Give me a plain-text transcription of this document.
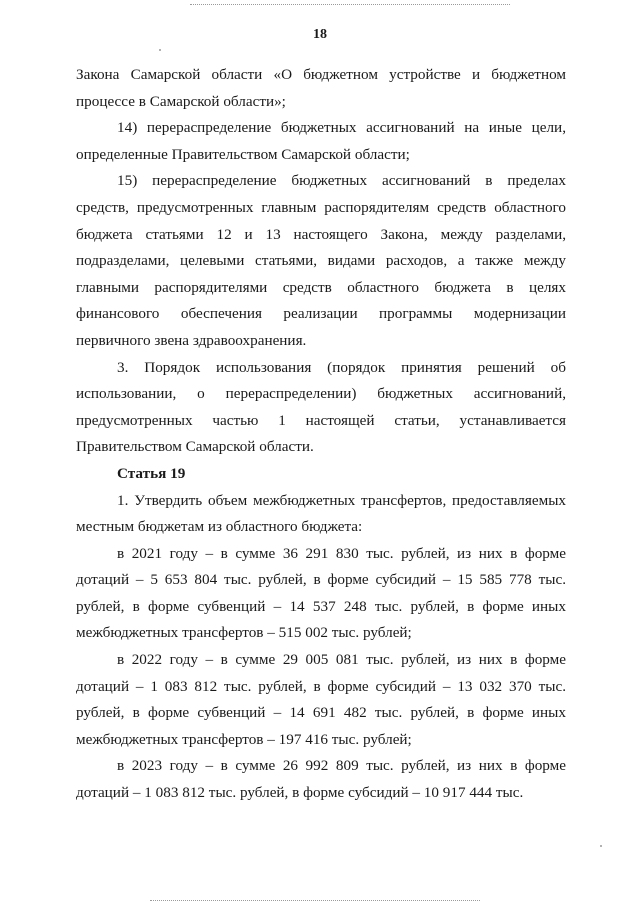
18

Закона Самарской области «О бюджетном устройстве и бюджетном процессе в Самарской области»;

14) перераспределение бюджетных ассигнований на иные цели, определенные Правительством Самарской области;

15) перераспределение бюджетных ассигнований в пределах средств, предусмотренных главным распорядителям средств областного бюджета статьями 12 и 13 настоящего Закона, между разделами, подразделами, целевыми статьями, видами расходов, а также между главными распорядителями средств областного бюджета в целях финансового обеспечения реализации программы модернизации первичного звена здравоохранения.

3. Порядок использования (порядок принятия решений об использовании, о перераспределении) бюджетных ассигнований, предусмотренных частью 1 настоящей статьи, устанавливается Правительством Самарской области.

Статья 19

1. Утвердить объем межбюджетных трансфертов, предоставляемых местным бюджетам из областного бюджета:

в 2021 году – в сумме 36 291 830 тыс. рублей, из них в форме дотаций – 5 653 804 тыс. рублей, в форме субсидий – 15 585 778 тыс. рублей, в форме субвенций – 14 537 248 тыс. рублей, в форме иных межбюджетных трансфертов – 515 002 тыс. рублей;

в 2022 году – в сумме 29 005 081 тыс. рублей, из них в форме дотаций – 1 083 812 тыс. рублей, в форме субсидий – 13 032 370 тыс. рублей, в форме субвенций – 14 691 482 тыс. рублей, в форме иных межбюджетных трансфертов – 197 416 тыс. рублей;

в 2023 году – в сумме 26 992 809 тыс. рублей, из них в форме дотаций – 1 083 812 тыс. рублей, в форме субсидий – 10 917 444 тыс.
